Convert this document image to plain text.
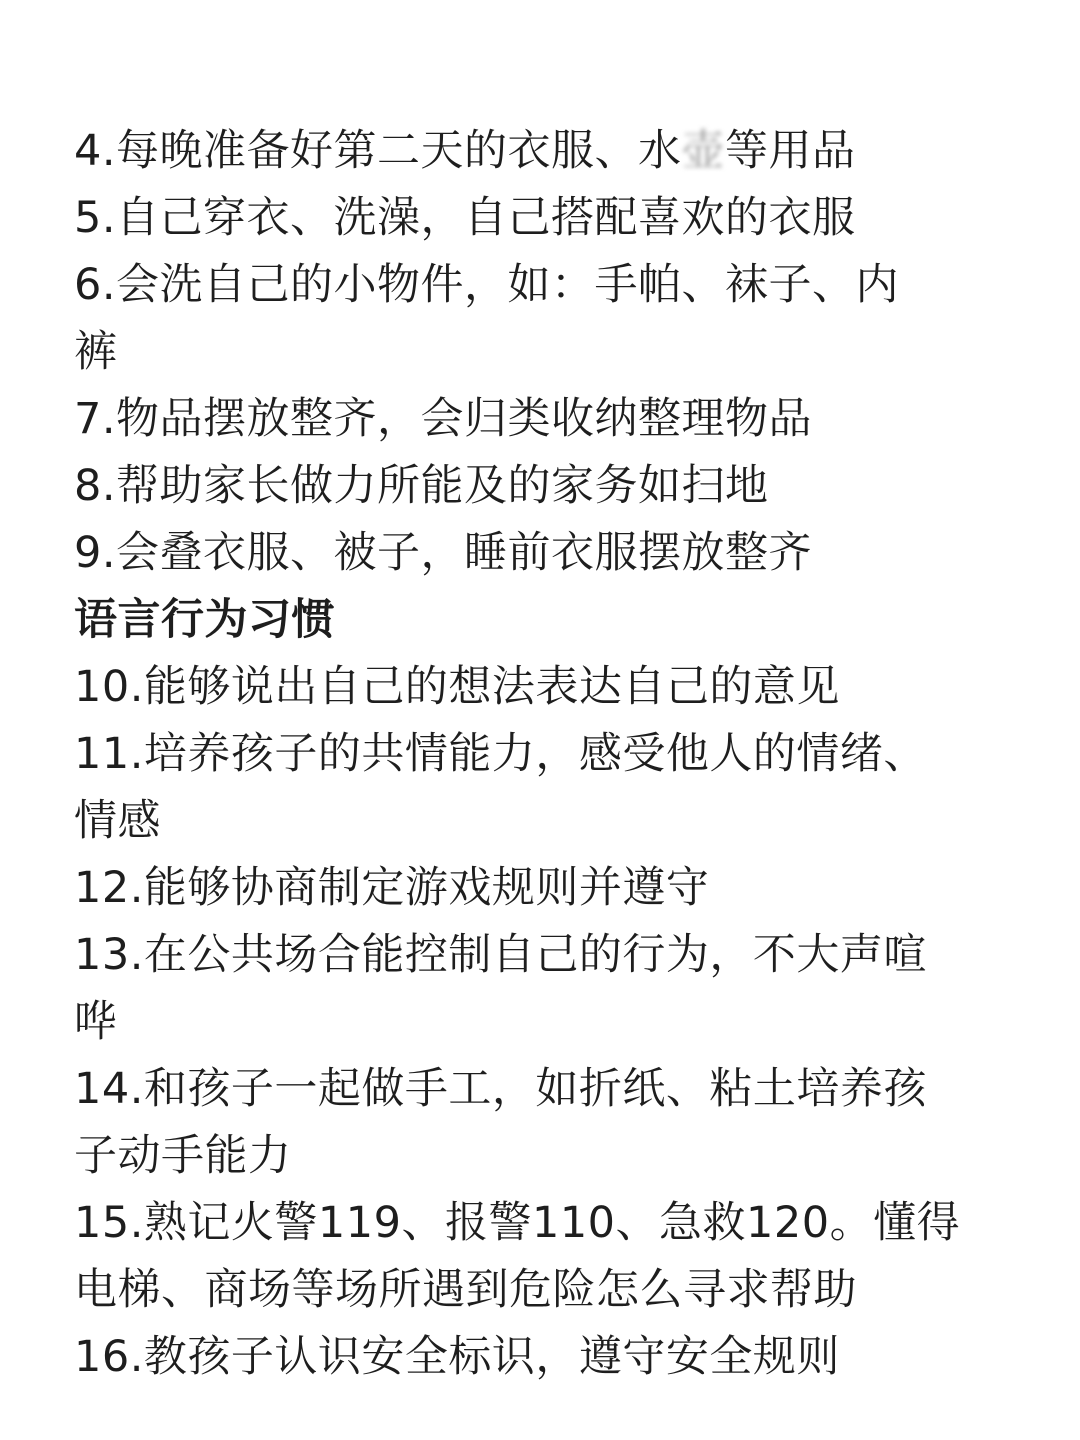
4.每晚准备好第二天的衣服、水壶等用品
5.自己穿衣、洗澡，自己搭配喜欢的衣服
6.会洗自己的小物件，如：手帕、袜子、内
裤
7.物品摆放整齐，会归类收纳整理物品
8.帮助家长做力所能及的家务如扫地
9.会叠衣服、被子，睡前衣服摆放整齐
语言行为习惯
10.能够说出自己的想法表达自己的意见
11.培养孩子的共情能力，感受他人的情绪、
情感
12.能够协商制定游戏规则并遵守
13.在公共场合能控制自己的行为，不大声喧
哗
14.和孩子一起做手工，如折纸、粘土培养孩
子动手能力
15.熟记火警119、报警110、急救120。懂得
电梯、商场等场所遇到危险怎么寻求帮助
16.教孩子认识安全标识，遵守安全规则
